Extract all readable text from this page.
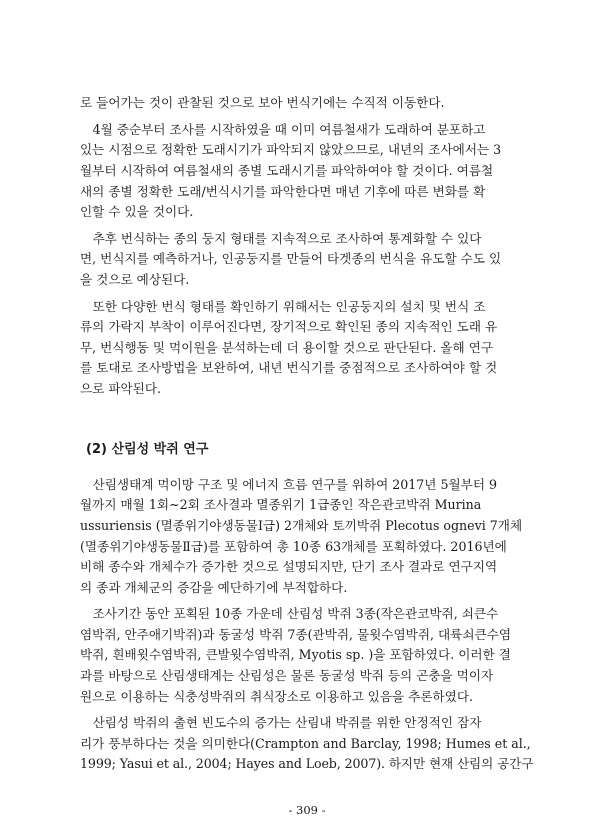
로 들어가는 것이 관찰된 것으로 보아 번식기에는 수직적 이동한다.
　4월 중순부터 조사를 시작하였을 때 이미 여름철새가 도래하여 분포하고
있는 시점으로 정확한 도래시기가 파악되지 않았으므로, 내년의 조사에서는 3
월부터 시작하여 여름철새의 종별 도래시기를 파악하여야 할 것이다. 여름철
새의 종별 정확한 도래/번식시기를 파악한다면 매년 기후에 따른 변화를 확
인할 수 있을 것이다.
　추후 번식하는 종의 둥지 형태를 지속적으로 조사하여 통계화할 수 있다
면, 번식지를 예측하거나, 인공둥지를 만들어 타겟종의 번식을 유도할 수도 있
을 것으로 예상된다.
　또한 다양한 번식 형태를 확인하기 위해서는 인공둥지의 설치 및 번식 조
류의 가락지 부착이 이루어진다면, 장기적으로 확인된 종의 지속적인 도래 유
무, 번식행동 및 먹이원을 분석하는데 더 용이할 것으로 판단된다. 올해 연구
를 토대로 조사방법을 보완하여, 내년 번식기를 중점적으로 조사하여야 할 것
으로 파악된다.
(2) 산림성 박쥐 연구
　산림생태계 먹이망 구조 및 에너지 흐름 연구를 위하여 2017년 5월부터 9
월까지 매월 1회~2회 조사결과 멸종위기 1급종인 작은관코박쥐 Murina
ussuriensis (멸종위기야생동물Ⅰ급) 2개체와 토끼박쥐 Plecotus ognevi 7개체
(멸종위기야생동물Ⅱ급)를 포함하여 총 10종 63개체를 포획하였다. 2016년에
비해 종수와 개체수가 증가한 것으로 설명되지만, 단기 조사 결과로 연구지역
의 종과 개체군의 증감을 예단하기에 부적합하다.
　조사기간 동안 포획된 10종 가운데 산림성 박쥐 3종(작은관코박쥐, 쇠큰수
염박쥐, 안주애기박쥐)과 동굴성 박쥐 7종(관박쥐, 물윗수염박쥐, 대륙쇠큰수염
박쥐, 흰배윗수염박쥐, 큰발윗수염박쥐, Myotis sp. )을 포함하였다. 이러한 결
과를 바탕으로 산림생태계는 산림성은 물론 동굴성 박쥐 등의 곤충을 먹이자
원으로 이용하는 식충성박쥐의 취식장소로 이용하고 있음을 추론하였다.
　산림성 박쥐의 출현 빈도수의 증가는 산림내 박쥐를 위한 안정적인 잠자
리가 풍부하다는 것을 의미한다(Crampton and Barclay, 1998; Humes et al.,
1999; Yasui et al., 2004; Hayes and Loeb, 2007). 하지만 현재 산림의 공간구
- 309 -
